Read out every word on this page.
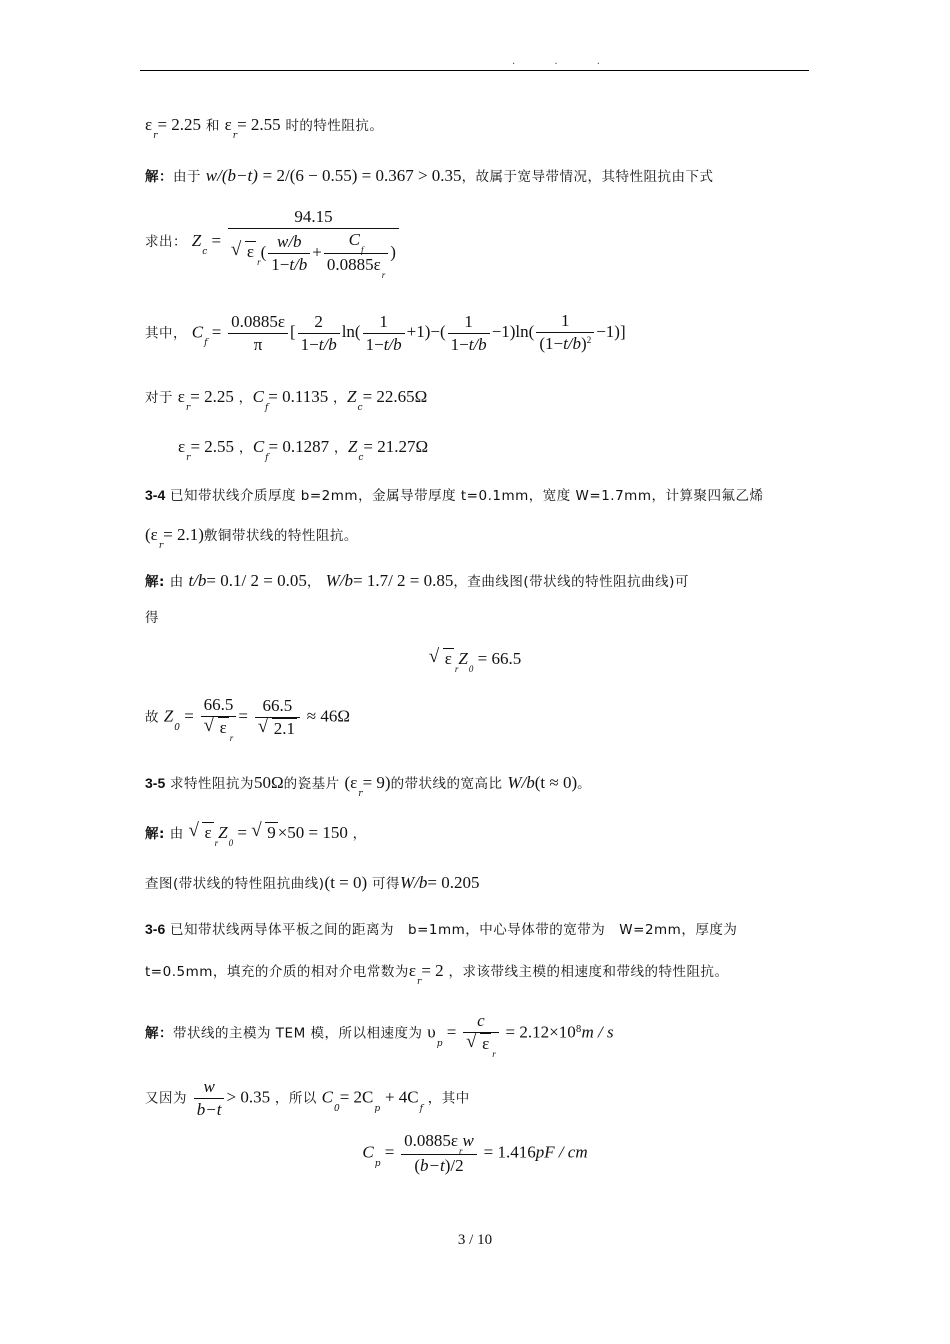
. . .
$\varepsilon_r= 2.25$ 和 $\varepsilon_r= 2.55$ 时的特性阻抗。
解：由于 w/(b−t) = 2/(6 − 0.55) = 0.367 > 0.35，故属于宽导带情况，其特性阻抗由下式
求出： $Z_c = 94.15$
√ $\varepsilon_r( \frac{w/b}{1-t/b} + \frac{C_f}{0.0885\varepsilon_r}$ )
其中， $C_f = \frac{0.0885\varepsilon}{\pi}$ [ $\frac{2}{1-t/b} \ln( \frac{1}{1-t/b} +1)-( \frac{1}{1-t/b} -1)\ln( \frac{1}{(1-t/b)^2} -1)$]
对于 $\varepsilon_r= 2.25$ ，$C_f= 0.1135$ ，$Z_c= 22.65\Omega$
$\varepsilon_r= 2.55$ ，$C_f= 0.1287$ ，$Z_c= 21.27\Omega$
3-4 已知带状线介质厚度 b=2mm，金属导带厚度 t=0.1mm，宽度 W=1.7mm，计算聚四氟乙烯
$(\varepsilon_r= 2.1)$敷铜带状线的特性阻抗。
解: 由 t/b= 0.1/ 2 = 0.05， W/b= 1.7/ 2 = 0.85，查曲线图(带状线的特性阻抗曲线)可
得
√ $\varepsilon_rZ_0 = 66.5$
故 $Z_0 = 66.5$
√ $\varepsilon_r = 66.5$
√ 2.1 ≈ 46Ω
3-5 求特性阻抗为50Ω的瓷基片 $(\varepsilon_r= 9)$的带状线的宽高比 W/b(t ≈ 0)。
解: 由 √ $\varepsilon_rZ_0$ = √ 9 ×50 = 150 ，
查图(带状线的特性阻抗曲线)(t = 0) 可得W/b= 0.205
3-6 已知带状线两导体平板之间的距离为　b=1mm，中心导体带的宽带为　W=2mm，厚度为
t=0.5mm，填充的介质的相对介电常数为$\varepsilon_r= 2$ ，求该带线主模的相速度和带线的特性阻抗。
解：带状线的主模为 TEM 模，所以相速度为 $\upsilon_p = c$
√ $\varepsilon_r = 2.12\times 10^8m / s$
又因为 $\frac{w}{b-t} > 0.35$ ，所以 $C_0= 2C_p + 4C_f$ ，其中
$C_p = \frac{0.0885\varepsilon_rw}{(b-t)/2} = 1.416pF$ / cm
3 / 10
